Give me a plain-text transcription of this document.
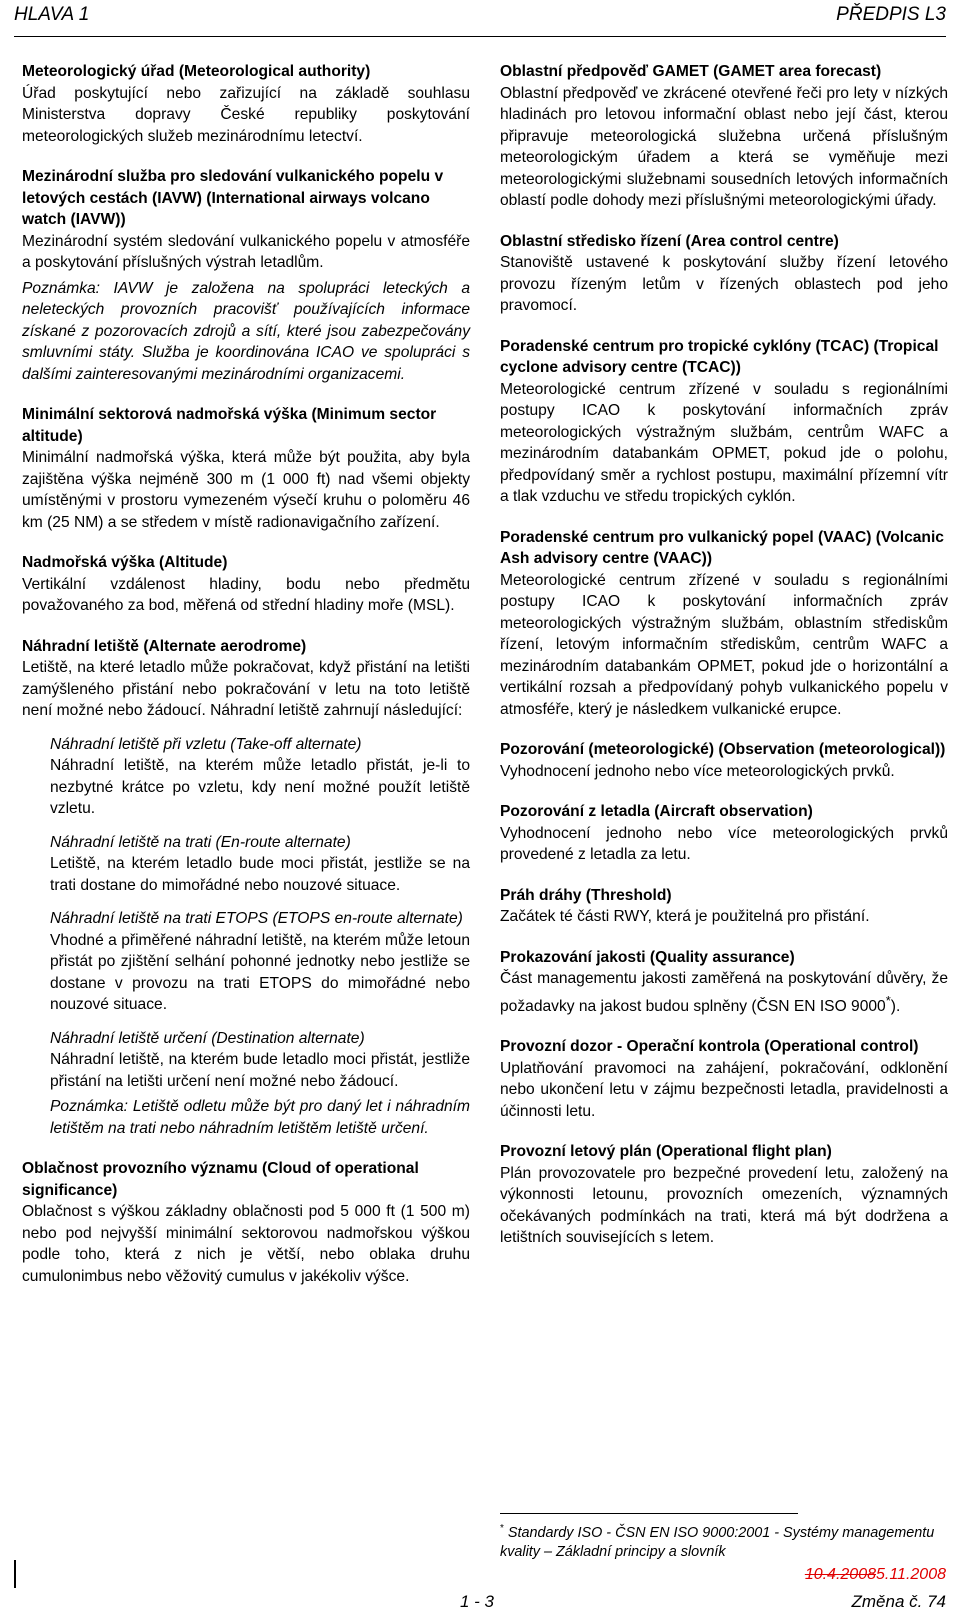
HLAVA 1	PŘEDPIS L3
Meteorologický úřad (Meteorological authority)

Úřad poskytující nebo zařizující na základě souhlasu Ministerstva dopravy České republiky poskytování meteorologických služeb mezinárodnímu letectví.

Mezinárodní služba pro sledování vulkanického popelu v letových cestách (IAVW) (International airways volcano watch (IAVW))

Mezinárodní systém sledování vulkanického popelu v atmosféře a poskytování příslušných výstrah letadlům.

Poznámka: IAVW je založena na spolupráci leteckých a neleteckých provozních pracovišť používajících informace získané z pozorovacích zdrojů a sítí, které jsou zabezpečovány smluvními státy. Služba je koordinována ICAO ve spolupráci s dalšími zainteresovanými mezinárodními organizacemi.

Minimální sektorová nadmořská výška (Minimum sector altitude)

Minimální nadmořská výška, která může být použita, aby byla zajištěna výška nejméně 300 m (1 000 ft) nad všemi objekty umístěnými v prostoru vymezeném výsečí kruhu o poloměru 46 km (25 NM) a se středem v místě radionavigačního zařízení.

Nadmořská výška (Altitude)

Vertikální vzdálenost hladiny, bodu nebo předmětu považovaného za bod, měřená od střední hladiny moře (MSL).

Náhradní letiště (Alternate aerodrome)

Letiště, na které letadlo může pokračovat, když přistání na letišti zamýšleného přistání nebo pokračování v letu na toto letiště není možné nebo žádoucí. Náhradní letiště zahrnují následující:

Náhradní letiště při vzletu (Take-off alternate)

Náhradní letiště, na kterém může letadlo přistát, je-li to nezbytné krátce po vzletu, kdy není možné použít letiště vzletu.

Náhradní letiště na trati (En-route alternate)

Letiště, na kterém letadlo bude moci přistát, jestliže se na trati dostane do mimořádné nebo nouzové situace.

Náhradní letiště na trati ETOPS (ETOPS en-route alternate)

Vhodné a přiměřené náhradní letiště, na kterém může letoun přistát po zjištění selhání pohonné jednotky nebo jestliže se dostane v provozu na trati ETOPS do mimořádné nebo nouzové situace.

Náhradní letiště určení (Destination alternate)

Náhradní letiště, na kterém bude letadlo moci přistát, jestliže přistání na letišti určení není možné nebo žádoucí.

Poznámka: Letiště odletu může být pro daný let i náhradním letištěm na trati nebo náhradním letištěm letiště určení.

Oblačnost provozního významu (Cloud of operational significance)

Oblačnost s výškou základny oblačnosti pod 5 000 ft (1 500 m) nebo pod nejvyšší minimální sektorovou nadmořskou výškou podle toho, která z nich je větší, nebo oblaka druhu cumulonimbus nebo věžovitý cumulus v jakékoliv výšce.

Oblastní předpověď GAMET (GAMET area forecast)

Oblastní předpověď ve zkrácené otevřené řeči pro lety v nízkých hladinách pro letovou informační oblast nebo její část, kterou připravuje meteorologická služebna určená příslušným meteorologickým úřadem a která se vyměňuje mezi meteorologickými služebnami sousedních letových informačních oblastí podle dohody mezi příslušnými meteorologickými úřady.

Oblastní středisko řízení (Area control centre)

Stanoviště ustavené k poskytování služby řízení letového provozu řízeným letům v řízených oblastech pod jeho pravomocí.

Poradenské centrum pro tropické cyklóny (TCAC) (Tropical cyclone advisory centre (TCAC))

Meteorologické centrum zřízené v souladu s regionálními postupy ICAO k poskytování informačních zpráv meteorologických výstražným službám, centrům WAFC a mezinárodním databankám OPMET, pokud jde o polohu, předpovídaný směr a rychlost postupu, maximální přízemní vítr a tlak vzduchu ve středu tropických cyklón.

Poradenské centrum pro vulkanický popel (VAAC) (Volcanic Ash advisory centre (VAAC))

Meteorologické centrum zřízené v souladu s regionálními postupy ICAO k poskytování informačních zpráv meteorologických výstražným službám, oblastním střediskům řízení, letovým informačním střediskům, centrům WAFC a mezinárodním databankám OPMET, pokud jde o horizontální a vertikální rozsah a předpovídaný pohyb vulkanického popelu v atmosféře, který je následkem vulkanické erupce.

Pozorování (meteorologické) (Observation (meteorological))

Vyhodnocení jednoho nebo více meteorologických prvků.

Pozorování z letadla (Aircraft observation)

Vyhodnocení jednoho nebo více meteorologických prvků provedené z letadla za letu.

Práh dráhy (Threshold)

Začátek té části RWY, která je použitelná pro přistání.

Prokazování jakosti (Quality assurance)

Část managementu jakosti zaměřená na poskytování důvěry, že požadavky na jakost budou splněny (ČSN EN ISO 9000*).

Provozní dozor - Operační kontrola (Operational control)

Uplatňování pravomoci na zahájení, pokračování, odklonění nebo ukončení letu v zájmu bezpečnosti letadla, pravidelnosti a účinnosti letu.

Provozní letový plán (Operational flight plan)

Plán provozovatele pro bezpečné provedení letu, založený na výkonnosti letounu, provozních omezeních, významných očekávaných podmínkách na trati, která má být dodržena a letištních souvisejících s letem.

* Standardy ISO - ČSN EN ISO 9000:2001 - Systémy managementu kvality – Základní principy a slovník
10.4.20085.11.2008
1 - 3	Změna č. 74
